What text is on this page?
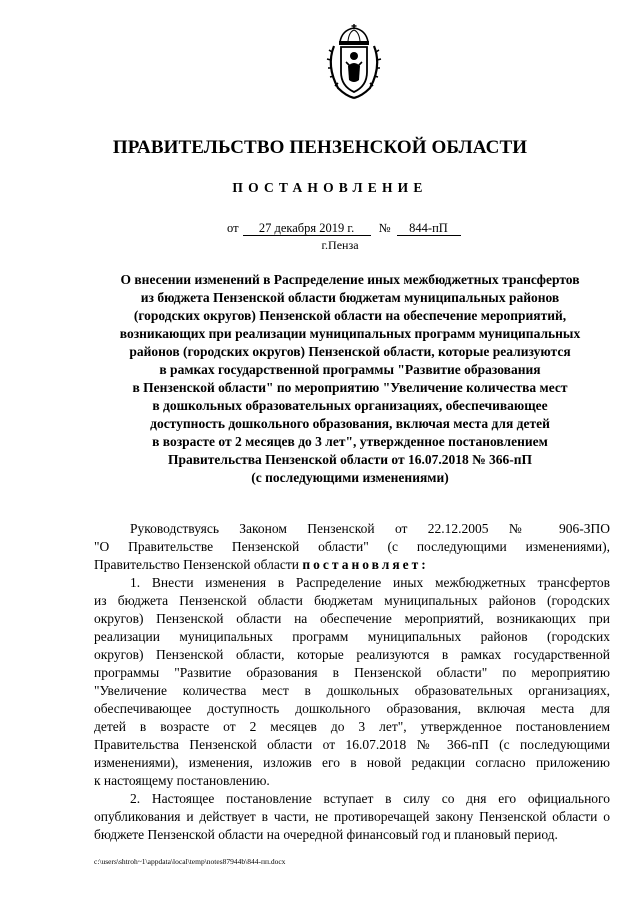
ПРАВИТЕЛЬСТВО ПЕНЗЕНСКОЙ ОБЛАСТИ
ПОСТАНОВЛЕНИЕ
от 27 декабря 2019 г. № 844-пП
г.Пенза
О внесении изменений в Распределение иных межбюджетных трансфертов
из бюджета Пензенской области бюджетам муниципальных районов
(городских округов) Пензенской области на обеспечение мероприятий,
возникающих при реализации муниципальных программ муниципальных
районов (городских округов) Пензенской области, которые реализуются
в рамках государственной программы "Развитие образования
в Пензенской области" по мероприятию "Увеличение количества мест
в дошкольных образовательных организациях, обеспечивающее
доступность дошкольного образования, включая места для детей
в возрасте от 2 месяцев до 3 лет", утвержденное постановлением
Правительства Пензенской области от 16.07.2018 № 366-пП
(с последующими изменениями)
Руководствуясь Законом Пензенской от 22.12.2005 № 906-ЗПО
"О Правительстве Пензенской области" (с последующими изменениями),
Правительство Пензенской области постановляет:
1. Внести изменения в Распределение иных межбюджетных трансфертов
из бюджета Пензенской области бюджетам муниципальных районов (городских
округов) Пензенской области на обеспечение мероприятий, возникающих при
реализации муниципальных программ муниципальных районов (городских
округов) Пензенской области, которые реализуются в рамках государственной
программы "Развитие образования в Пензенской области" по мероприятию
"Увеличение количества мест в дошкольных образовательных организациях,
обеспечивающее доступность дошкольного образования, включая места для
детей в возрасте от 2 месяцев до 3 лет", утвержденное постановлением
Правительства Пензенской области от 16.07.2018 № 366-пП (с последующими
изменениями), изменения, изложив его в новой редакции согласно приложению
к настоящему постановлению.
2. Настоящее постановление вступает в силу со дня его официального
опубликования и действует в части, не противоречащей закону Пензенской области о
бюджете Пензенской области на очередной финансовый год и плановый период.
c:\users\shtroh~1\appdata\local\temp\notes87944b\844-пп.docx
